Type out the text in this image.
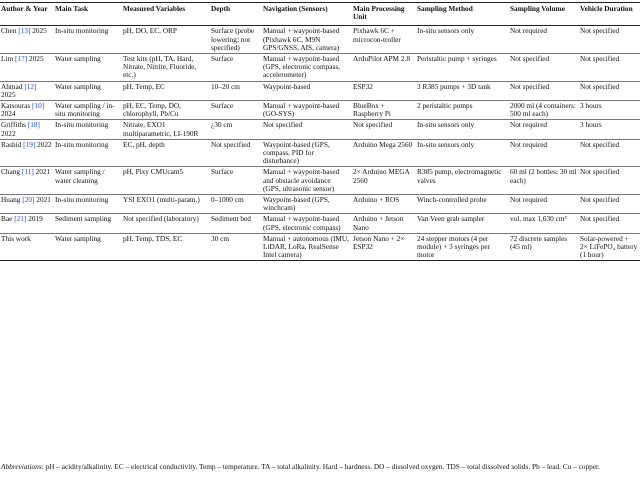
Author & Year	Main Task	Measured Variables	Depth	Navigation (Sensors)	Main Processing Unit	Sampling Method	Sampling Volume	Vehicle Duration
Chen [13] 2025	In-situ monitoring	pH, DO, EC, ORP	Surface (probe lowering; not specified)	Manual + waypoint-based (Pixhawk 6C, M9N GPS/GNSS, AIS, camera)	Pixhawk 6C + microcon-troller	In-situ sensors only	Not required	Not specified
Lim [17] 2025	Water sampling	Test kits (pH, TA, Hard, Nitrate, Nitrite, Fluoride, etc.)	Surface	Manual + waypoint-based (GPS, electronic compass, accelerometer)	ArduPilot APM 2.8	Peristaltic pump + syringes	Not specified	Not specified
Ahmad [12] 2025	Water sampling	pH, Temp, EC	10–20 cm	Waypoint-based	ESP32	3 R385 pumps + 3D tank	Not specified	Not specified
Katsouras [10] 2024	Water sampling / in-situ monitoring	pH, EC, Temp, DO, chlorophyll, Pb/Cu	Surface	Manual + waypoint-based (GO-SYS)	BlueBox + Raspberry Pi	2 peristaltic pumps	2000 ml (4 containers: 500 ml each)	3 hours
Griffiths [18] 2022	In-situ monitoring	Nitrate, EXO1 multiparametric, LI-190R	¿30 cm	Not specified	Not specified	In-situ sensors only	Not required	3 hours
Rashid [19] 2022	In-situ monitoring	EC, pH, depth	Not specified	Waypoint-based (GPS, compass, PID for disturbance)	Arduino Mega 2560	In-situ sensors only	Not required	Not specified
Chang [11] 2021	Water sampling / water cleaning	pH, Pixy CMUcam5	Surface	Manual + waypoint-based and obstacle avoidance (GPS, ultrasonic sensor)	2× Arduino MEGA 2560	R385 pump, electromagnetic valves	60 ml (2 bottles: 30 ml each)	Not specified
Huang [20] 2021	In-situ monitoring	YSI EXO1 (multi-param.)	0–1000 cm	Waypoint-based (GPS, winchcam)	Arduino + ROS	Winch-controlled probe	Not required	Not specified
Bae [21] 2019	Sediment sampling	Not specified (laboratory)	Sediment bed	Manual + waypoint-based (GPS, electronic compass)	Arduino + Jetson Nano	Van Veen grab sampler	vol. max 1,630 cm³	Not specified
This work	Water sampling	pH, Temp, TDS, EC	30 cm	Manual + autonomous (IMU, LiDAR, LoRa, RealSense Intel camera)	Jetson Nano + 2× ESP32	24 stepper motors (4 per module) + 3 syringes per motor	72 discrete samples (45 ml)	Solar-powered + 2× LiFePO₄ battery (1 hour)
Abbreviations: pH – acidity/alkalinity. EC – electrical conductivity. Temp – temperature. TA – total alkalinity. Hard – hardness. DO – dissolved oxygen. TDS – total dissolved solids. Pb – lead. Cu – copper.
